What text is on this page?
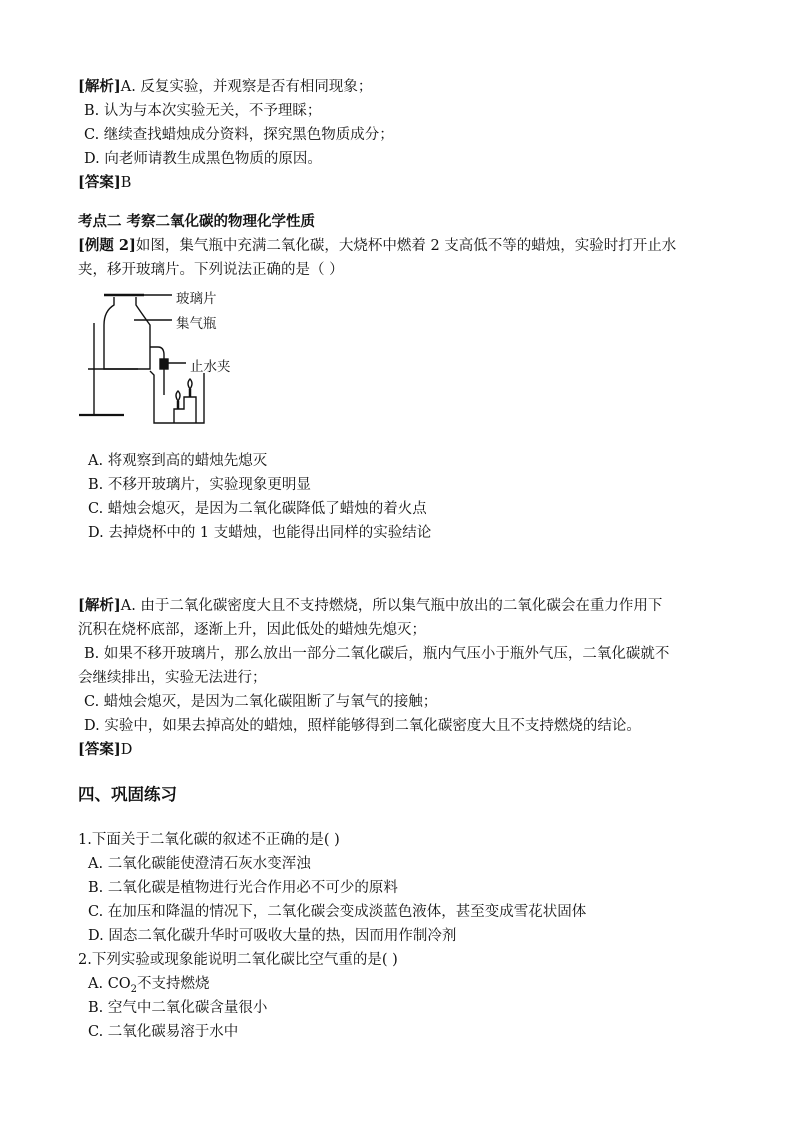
[解析]A. 反复实验，并观察是否有相同现象；
B. 认为与本次实验无关，不予理睬；
C. 继续查找蜡烛成分资料，探究黑色物质成分；
D. 向老师请教生成黑色物质的原因。
[答案]B
考点二 考察二氧化碳的物理化学性质
[例题 2]如图，集气瓶中充满二氧化碳，大烧杯中燃着 2 支高低不等的蜡烛，实验时打开止水
夹，移开玻璃片。下列说法正确的是（ ）
玻璃片
集气瓶
止水夹
A. 将观察到高的蜡烛先熄灭
B. 不移开玻璃片，实验现象更明显
C. 蜡烛会熄灭，是因为二氧化碳降低了蜡烛的着火点
D. 去掉烧杯中的 1 支蜡烛，也能得出同样的实验结论
[解析]A. 由于二氧化碳密度大且不支持燃烧，所以集气瓶中放出的二氧化碳会在重力作用下
沉积在烧杯底部，逐渐上升，因此低处的蜡烛先熄灭；
B. 如果不移开玻璃片，那么放出一部分二氧化碳后，瓶内气压小于瓶外气压，二氧化碳就不
会继续排出，实验无法进行；
C. 蜡烛会熄灭，是因为二氧化碳阻断了与氧气的接触；
D. 实验中，如果去掉高处的蜡烛，照样能够得到二氧化碳密度大且不支持燃烧的结论。
[答案]D
四、巩固练习
1.下面关于二氧化碳的叙述不正确的是( )
A. 二氧化碳能使澄清石灰水变浑浊
B. 二氧化碳是植物进行光合作用必不可少的原料
C. 在加压和降温的情况下，二氧化碳会变成淡蓝色液体，甚至变成雪花状固体
D. 固态二氧化碳升华时可吸收大量的热，因而用作制冷剂
2.下列实验或现象能说明二氧化碳比空气重的是( )
A. $CO_2$不支持燃烧
B. 空气中二氧化碳含量很小
C. 二氧化碳易溶于水中
